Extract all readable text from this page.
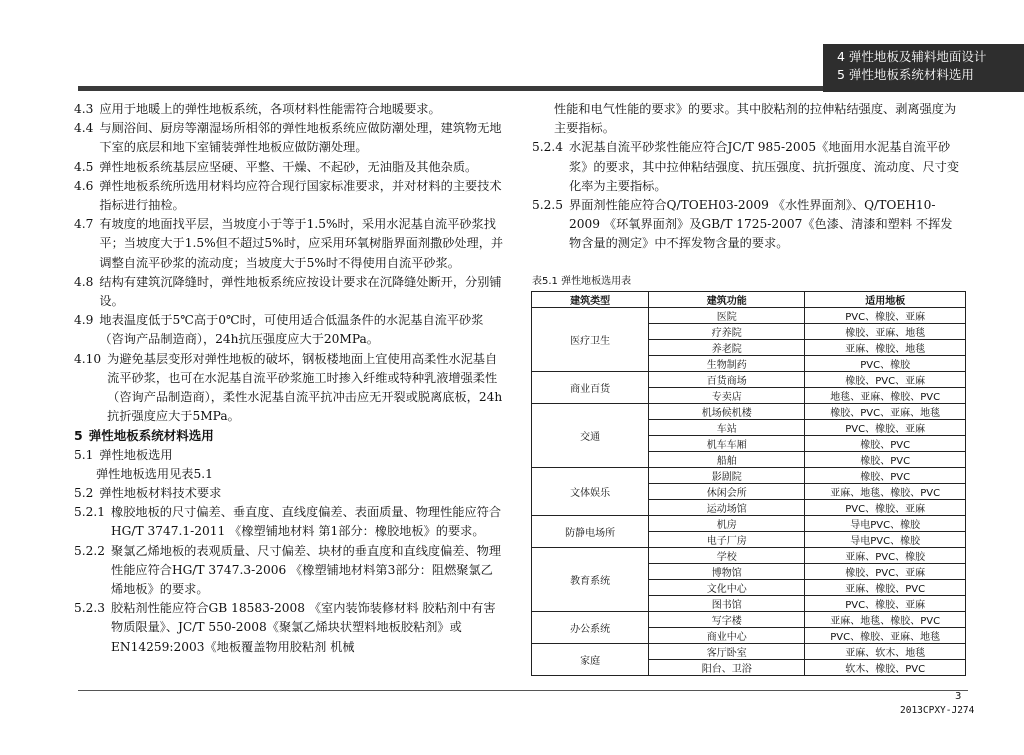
4 弹性地板及辅料地面设计
5 弹性地板系统材料选用
4.3 应用于地暖上的弹性地板系统，各项材料性能需符合地暖要求。
4.4 与厕浴间、厨房等潮湿场所相邻的弹性地板系统应做防潮处理，建筑物无地下室的底层和地下室铺装弹性地板应做防潮处理。
4.5 弹性地板系统基层应坚硬、平整、干燥、不起砂，无油脂及其他杂质。
4.6 弹性地板系统所选用材料均应符合现行国家标准要求，并对材料的主要技术指标进行抽检。
4.7 有坡度的地面找平层，当坡度小于等于1.5%时，采用水泥基自流平砂浆找平；当坡度大于1.5%但不超过5%时，应采用环氧树脂界面剂撒砂处理，并调整自流平砂浆的流动度；当坡度大于5%时不得使用自流平砂浆。
4.8 结构有建筑沉降缝时，弹性地板系统应按设计要求在沉降缝处断开，分别铺设。
4.9 地表温度低于5℃高于0℃时，可使用适合低温条件的水泥基自流平砂浆（咨询产品制造商），24h抗压强度应大于20MPa。
4.10 为避免基层变形对弹性地板的破坏，钢板楼地面上宜使用高柔性水泥基自流平砂浆，也可在水泥基自流平砂浆施工时掺入纤维或特种乳液增强柔性（咨询产品制造商），柔性水泥基自流平抗冲击应无开裂或脱离底板，24h抗折强度应大于5MPa。
5 弹性地板系统材料选用
5.1 弹性地板选用
弹性地板选用见表5.1
5.2 弹性地板材料技术要求
5.2.1 橡胶地板的尺寸偏差、垂直度、直线度偏差、表面质量、物理性能应符合HG/T 3747.1-2011 《橡塑铺地材料 第1部分：橡胶地板》的要求。
5.2.2 聚氯乙烯地板的表观质量、尺寸偏差、块材的垂直度和直线度偏差、物理性能应符合HG/T 3747.3-2006 《橡塑铺地材料第3部分：阻燃聚氯乙烯地板》的要求。
5.2.3 胶粘剂性能应符合GB 18583-2008 《室内装饰装修材料 胶粘剂中有害物质限量》、JC/T 550-2008《聚氯乙烯块状塑料地板胶粘剂》或 EN14259:2003《地板覆盖物用胶粘剂 机械
性能和电气性能的要求》的要求。其中胶粘剂的拉伸粘结强度、剥离强度为主要指标。
5.2.4 水泥基自流平砂浆性能应符合JC/T 985-2005《地面用水泥基自流平砂浆》的要求，其中拉伸粘结强度、抗压强度、抗折强度、流动度、尺寸变化率为主要指标。
5.2.5 界面剂性能应符合Q/TOEH03-2009 《水性界面剂》、Q/TOEH10-2009 《环氧界面剂》及GB/T 1725-2007《色漆、清漆和塑料 不挥发物含量的测定》中不挥发物含量的要求。
表5.1 弹性地板选用表
建筑类型	建筑功能	适用地板
医疗卫生	医院	PVC、橡胶、亚麻
	疗养院	橡胶、亚麻、地毯
	养老院	亚麻、橡胶、地毯
	生物制药	PVC、橡胶
商业百货	百货商场	橡胶、PVC、亚麻
	专卖店	地毯、亚麻、橡胶、PVC
交通	机场候机楼	橡胶、PVC、亚麻、地毯
	车站	PVC、橡胶、亚麻
	机车车厢	橡胶、PVC
	船舶	橡胶、PVC
文体娱乐	影剧院	橡胶、PVC
	休闲会所	亚麻、地毯、橡胶、PVC
	运动场馆	PVC、橡胶、亚麻
防静电场所	机房	导电PVC、橡胶
	电子厂房	导电PVC、橡胶
教育系统	学校	亚麻、PVC、橡胶
	博物馆	橡胶、PVC、亚麻
	文化中心	亚麻、橡胶、PVC
	图书馆	PVC、橡胶、亚麻
办公系统	写字楼	亚麻、地毯、橡胶、PVC
	商业中心	PVC、橡胶、亚麻、地毯
家庭	客厅卧室	亚麻、软木、地毯
	阳台、卫浴	软木、橡胶、PVC
3
2013CPXY-J274
